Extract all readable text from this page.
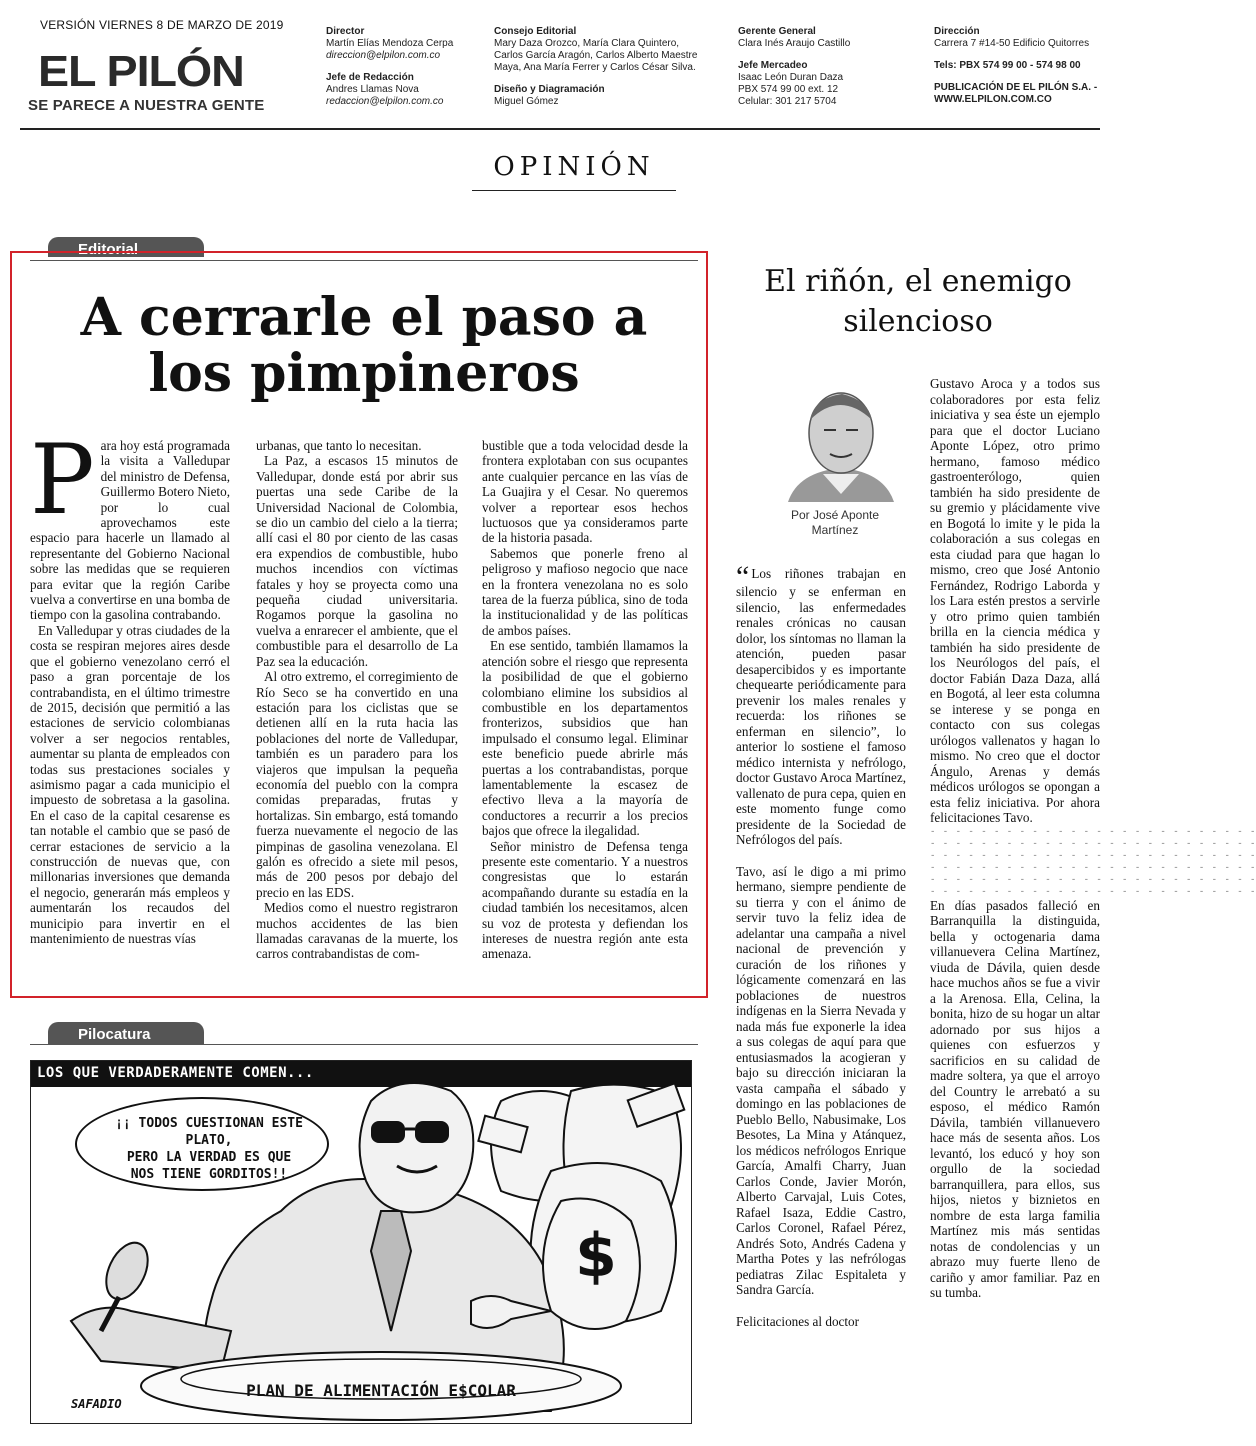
VERSIÓN VIERNES 8 DE MARZO DE 2019
EL PILÓN
SE PARECE A NUESTRA GENTE
Director
Martín Elías Mendoza Cerpa
direccion@elpilon.com.co
Jefe de Redacción
Andres Llamas Nova
redaccion@elpilon.com.co
Consejo Editorial
Mary Daza Orozco, María Clara Quintero,
Carlos García Aragón, Carlos Alberto Maestre
Maya, Ana María Ferrer y Carlos César Silva.
Diseño y Diagramación
Miguel Gómez
Gerente General
Clara Inés Araujo Castillo
Jefe Mercadeo
Isaac León Duran Daza
PBX 574 99 00 ext. 12
Celular: 301 217 5704
Dirección
Carrera 7 #14-50 Edificio Quitorres
Tels: PBX 574 99 00 - 574 98 00
PUBLICACIÓN DE EL PILÓN S.A. -
WWW.ELPILON.COM.CO
OPINIÓN
Editorial
A cerrarle el paso a
los pimpineros

Para hoy está programada la visita a Valledupar del ministro de Defensa, Guillermo Botero Nieto, por lo cual aprovechamos este espacio para hacerle un llamado al representante del Gobierno Nacional sobre las medidas que se requieren para evitar que la región Caribe vuelva a convertirse en una bomba de tiempo con la gasolina contrabando.

En Valledupar y otras ciudades de la costa se respiran mejores aires desde que el gobierno venezolano cerró el paso a gran porcentaje de los contrabandista, en el último trimestre de 2015, decisión que permitió a las estaciones de servicio colombianas volver a ser negocios rentables, aumentar su planta de empleados con todas sus prestaciones sociales y asimismo pagar a cada municipio el impuesto de sobretasa a la gasolina. En el caso de la capital cesarense es tan notable el cambio que se pasó de cerrar estaciones de servicio a la construcción de nuevas que, con millonarias inversiones que demanda el negocio, generarán más empleos y aumentarán los recaudos del municipio para invertir en el mantenimiento de nuestras vías

urbanas, que tanto lo necesitan.

La Paz, a escasos 15 minutos de Valledupar, donde está por abrir sus puertas una sede Caribe de la Universidad Nacional de Colombia, se dio un cambio del cielo a la tierra; allí casi el 80 por ciento de las casas era expendios de combustible, hubo muchos incendios con víctimas fatales y hoy se proyecta como una pequeña ciudad universitaria. Rogamos porque la gasolina no vuelva a enrarecer el ambiente, que el combustible para el desarrollo de La Paz sea la educación.

Al otro extremo, el corregimiento de Río Seco se ha convertido en una estación para los ciclistas que se detienen allí en la ruta hacia las poblaciones del norte de Valledupar, también es un paradero para los viajeros que impulsan la pequeña economía del pueblo con la compra comidas preparadas, frutas y hortalizas. Sin embargo, está tomando fuerza nuevamente el negocio de las pimpinas de gasolina venezolana. El galón es ofrecido a siete mil pesos, más de 200 pesos por debajo del precio en las EDS.

Medios como el nuestro registraron muchos accidentes de las bien llamadas caravanas de la muerte, los carros contrabandistas de com-

bustible que a toda velocidad desde la frontera explotaban con sus ocupantes ante cualquier percance en las vías de La Guajira y el Cesar. No queremos volver a reportear esos hechos luctuosos que ya consideramos parte de la historia pasada.

Sabemos que ponerle freno al peligroso y mafioso negocio que nace en la frontera venezolana no es solo tarea de la fuerza pública, sino de toda la institucionalidad y de las políticas de ambos países.

En ese sentido, también llamamos la atención sobre el riesgo que representa la posibilidad de que el gobierno colombiano elimine los subsidios al combustible en los departamentos fronterizos, subsidios que han impulsado el consumo legal. Eliminar este beneficio puede abrirle más puertas a los contrabandistas, porque lamentablemente la escasez de efectivo lleva a la mayoría de conductores a recurrir a los precios bajos que ofrece la ilegalidad.

Señor ministro de Defensa tenga presente este comentario. Y a nuestros congresistas que lo estarán acompañando durante su estadía en la ciudad también los necesitamos, alcen su voz de protesta y defiendan los intereses de nuestra región ante esta amenaza.

Pilocatura
LOS QUE VERDADERAMENTE COMEN...
$
¡¡ TODOS CUESTIONAN ESTE PLATO,
PERO LA VERDAD ES QUE
NOS TIENE GORDITOS!!
PLAN DE ALIMENTACIÓN E$COLAR
SAFADIO
El riñón, el enemigo
silencioso
Por José Aponte
Martínez

“ Los riñones trabajan en silencio y se enferman en silencio, las enfermedades renales crónicas no causan dolor, los síntomas no llaman la atención, pueden pasar desapercibidos y es importante chequearte periódicamente para prevenir los males renales y recuerda: los riñones se enferman en silencio”, lo anterior lo sostiene el famoso médico internista y nefrólogo, doctor Gustavo Aroca Martínez, vallenato de pura cepa, quien en este momento funge como presidente de la Sociedad de Nefrólogos del país.

Tavo, así le digo a mi primo hermano, siempre pendiente de su tierra y con el ánimo de servir tuvo la feliz idea de adelantar una campaña a nivel nacional de prevención y curación de los riñones y lógicamente comenzará en las poblaciones de nuestros indígenas en la Sierra Nevada y nada más fue exponerle la idea a sus colegas de aquí para que entusiasmados la acogieran y bajo su dirección iniciaran la vasta campaña el sábado y domingo en las poblaciones de Pueblo Bello, Nabusimake, Los Besotes, La Mina y Atánquez, los médicos nefrólogos Enrique García, Amalfi Charry, Juan Carlos Conde, Javier Morón, Alberto Carvajal, Luis Cotes, Rafael Isaza, Eddie Castro, Carlos Coronel, Rafael Pérez, Andrés Soto, Andrés Cadena y Martha Potes y las nefrólogas pediatras Zilac Espitaleta y Sandra García.

Felicitaciones al doctor

Gustavo Aroca y a todos sus colaboradores por esta feliz iniciativa y sea éste un ejemplo para que el doctor Luciano Aponte López, otro primo hermano, famoso médico gastroenterólogo, quien también ha sido presidente de su gremio y plácidamente vive en Bogotá lo imite y le pida la colaboración a sus colegas en esta ciudad para que hagan lo mismo, creo que José Antonio Fernández, Rodrigo Laborda y los Lara estén prestos a servirle y otro primo quien también brilla en la ciencia médica y también ha sido presidente de los Neurólogos del país, el doctor Fabián Daza Daza, allá en Bogotá, al leer esta columna se interese y se ponga en contacto con sus colegas urólogos vallenatos y hagan lo mismo. No creo que el doctor Ángulo, Arenas y demás médicos urólogos se opongan a esta feliz iniciativa. Por ahora felicitaciones Tavo.

- - - - - - - - - - - - - - - - - - - - - - - - - -
- - - - - - - - - - - - - - - - - - - - - - - - - -
- - - - - - - - - - - - - - - - - - - - - - - - - -
- - - - - - - - - - - - - - - - - - - - - - - - - -
- - - - - - - - - - - - - - - - - - - - - - - - - -
- - - - - - - - - - - - - - - - - - - - - - - - - -

En días pasados falleció en Barranquilla la distinguida, bella y octogenaria dama villanuevera Celina Martínez, viuda de Dávila, quien desde hace muchos años se fue a vivir a la Arenosa. Ella, Celina, la bonita, hizo de su hogar un altar adornado por sus hijos a quienes con esfuerzos y sacrificios en su calidad de madre soltera, ya que el arroyo del Country le arrebató a su esposo, el médico Ramón Dávila, también villanuevero hace más de sesenta años. Los levantó, los educó y hoy son orgullo de la sociedad barranquillera, para ellos, sus hijos, nietos y biznietos en nombre de esta larga familia Martínez mis más sentidas notas de condolencias y un abrazo muy fuerte lleno de cariño y amor familiar. Paz en su tumba.
